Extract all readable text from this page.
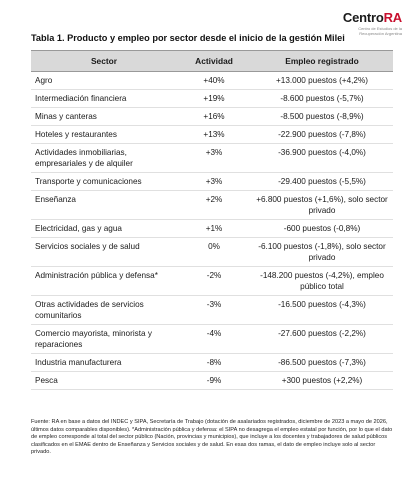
CentroRA
Centro de Estudios de la
Recuperación Argentina
Tabla 1. Producto y empleo por sector desde el inicio de la gestión Milei
Sector	Actividad	Empleo registrado
Agro	+40%	+13.000 puestos (+4,2%)
Intermediación financiera	+19%	-8.600 puestos (-5,7%)
Minas y canteras	+16%	-8.500 puestos (-8,9%)
Hoteles y restaurantes	+13%	-22.900 puestos (-7,8%)
Actividades inmobiliarias, empresariales y de alquiler	+3%	-36.900 puestos (-4,0%)
Transporte y comunicaciones	+3%	-29.400 puestos (-5,5%)
Enseñanza	+2%	+6.800 puestos (+1,6%), solo sector privado
Electricidad, gas y agua	+1%	-600 puestos (-0,8%)
Servicios sociales y de salud	0%	-6.100 puestos (-1,8%), solo sector privado
Administración pública y defensa*	-2%	-148.200 puestos (-4,2%), empleo público total
Otras actividades de servicios comunitarios	-3%	-16.500 puestos (-4,3%)
Comercio mayorista, minorista y reparaciones	-4%	-27.600 puestos (-2,2%)
Industria manufacturera	-8%	-86.500 puestos (-7,3%)
Pesca	-9%	+300 puestos (+2,2%)
Fuente: RA en base a datos del INDEC y SIPA, Secretaría de Trabajo (dotación de asalariados registrados, diciembre de 2023 a mayo de 2026, últimos datos comparables disponibles). *Administración pública y defensa: el SIPA no desagrega el empleo estatal por función, por lo que el dato de empleo corresponde al total del sector público (Nación, provincias y municipios), que incluye a los docentes y trabajadores de salud públicos clasificados en el EMAE dentro de Enseñanza y Servicios sociales y de salud. En esas dos ramas, el dato de empleo incluye solo al sector privado.
